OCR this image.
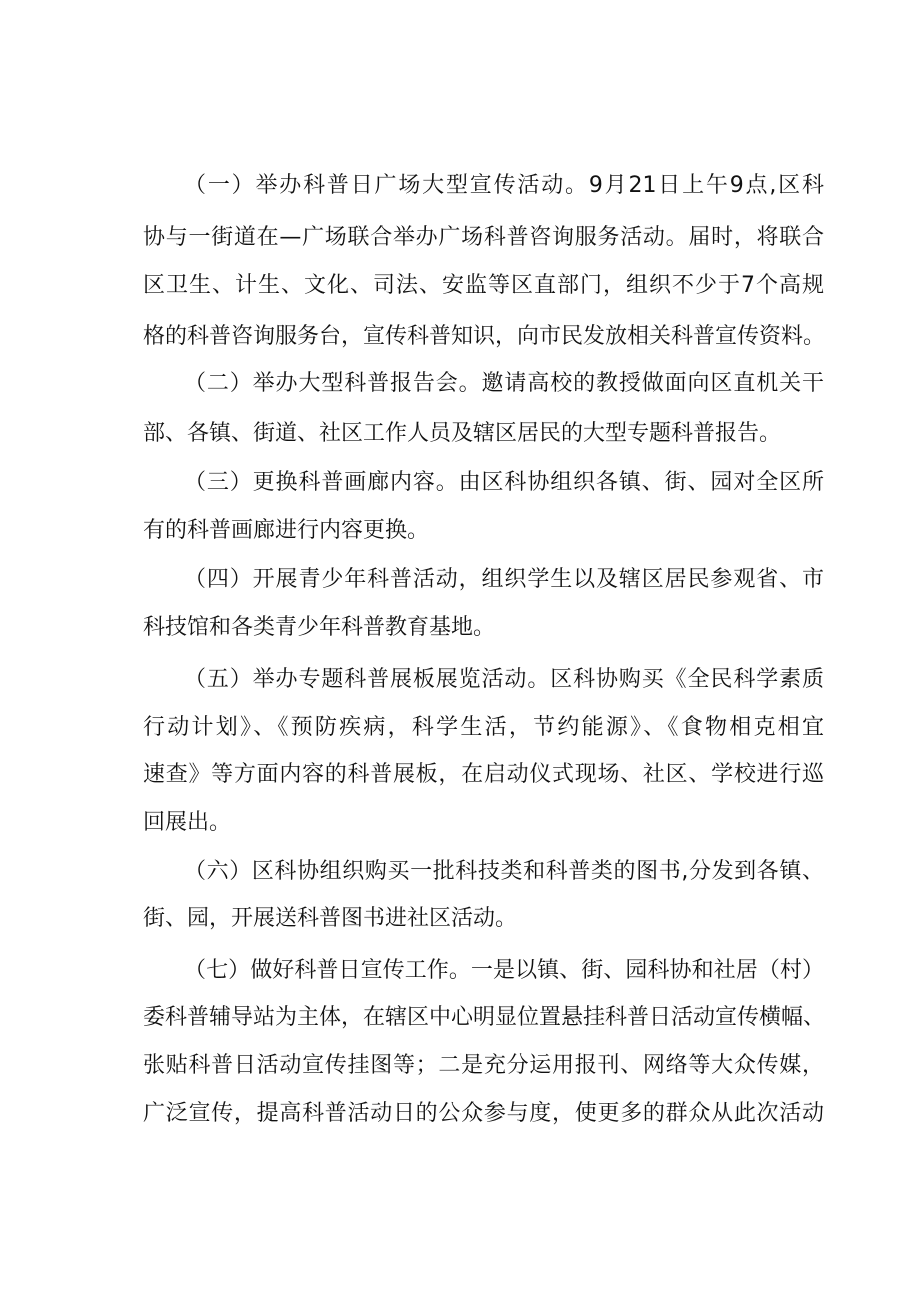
（一）举办科普日广场大型宣传活动。9月21日上午9点,区科
协与一街道在—广场联合举办广场科普咨询服务活动。届时，将联合
区卫生、计生、文化、司法、安监等区直部门，组织不少于7个高规
格的科普咨询服务台，宣传科普知识，向市民发放相关科普宣传资料。
（二）举办大型科普报告会。邀请高校的教授做面向区直机关干
部、各镇、街道、社区工作人员及辖区居民的大型专题科普报告。
（三）更换科普画廊内容。由区科协组织各镇、街、园对全区所
有的科普画廊进行内容更换。
（四）开展青少年科普活动，组织学生以及辖区居民参观省、市
科技馆和各类青少年科普教育基地。
（五）举办专题科普展板展览活动。区科协购买《全民科学素质
行动计划》、《预防疾病，科学生活，节约能源》、《食物相克相宜
速查》等方面内容的科普展板，在启动仪式现场、社区、学校进行巡
回展出。
（六）区科协组织购买一批科技类和科普类的图书,分发到各镇、
街、园，开展送科普图书进社区活动。
（七）做好科普日宣传工作。一是以镇、街、园科协和社居（村）
委科普辅导站为主体，在辖区中心明显位置悬挂科普日活动宣传横幅、
张贴科普日活动宣传挂图等；二是充分运用报刊、网络等大众传媒，
广泛宣传，提高科普活动日的公众参与度，使更多的群众从此次活动
